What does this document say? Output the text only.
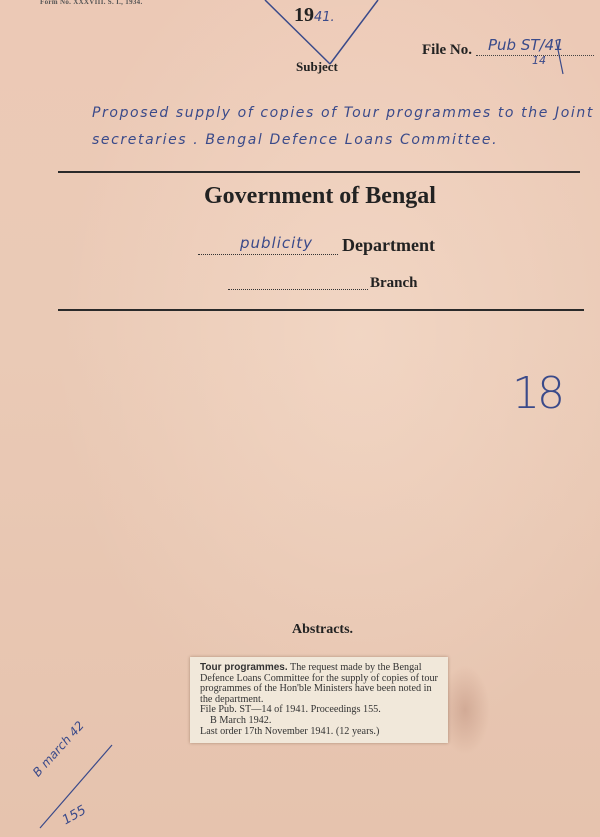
Form No. XXXVIII. S. I., 1934.
1941.
File No. Pub ST/41
14
Subject
Proposed supply of copies of Tour programmes to the Joint
secretaries . Bengal Defence Loans Committee.
Government of Bengal
publicity Department
Branch
18
Abstracts.
Tour programmes. The request made by the Bengal Defence Loans Committee for the supply of copies of tour programmes of the Hon'ble Ministers have been noted in the department.
File Pub. ST—14 of 1941. Proceedings 155.
B March 1942.
Last order 17th November 1941. (12 years.)
B march 42
155
